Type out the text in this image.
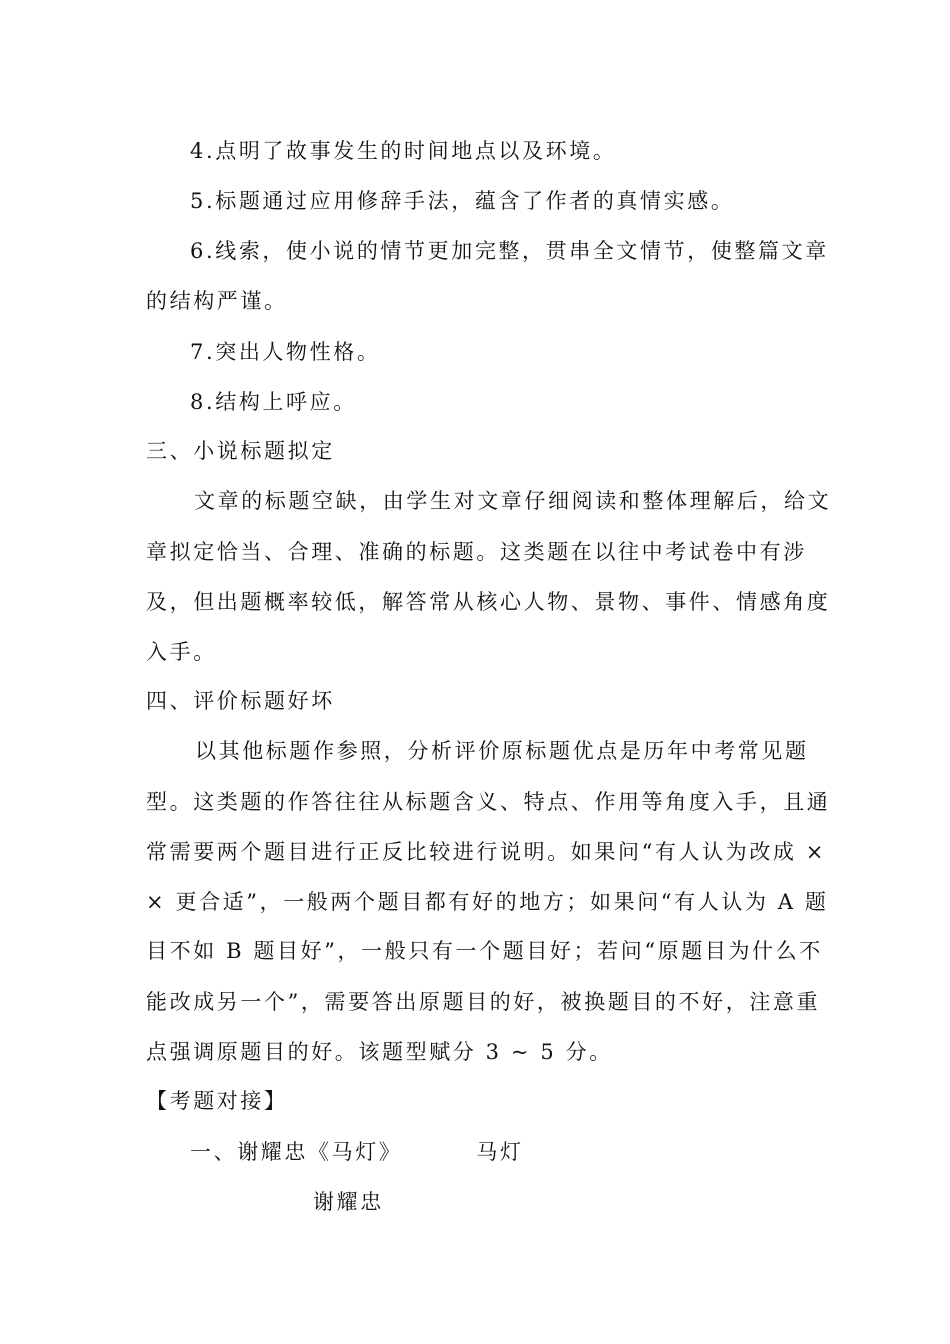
4.点明了故事发生的时间地点以及环境。
5.标题通过应用修辞手法，蕴含了作者的真情实感。
6.线索，使小说的情节更加完整，贯串全文情节，使整篇文章
的结构严谨。
7.突出人物性格。
8.结构上呼应。
三、小说标题拟定
文章的标题空缺，由学生对文章仔细阅读和整体理解后，给文
章拟定恰当、合理、准确的标题。这类题在以往中考试卷中有涉
及，但出题概率较低，解答常从核心人物、景物、事件、情感角度
入手。
四、评价标题好坏
以其他标题作参照，分析评价原标题优点是历年中考常见题
型。这类题的作答往往从标题含义、特点、作用等角度入手，且通
常需要两个题目进行正反比较进行说明。如果问“有人认为改成 ×
× 更合适”，一般两个题目都有好的地方；如果问“有人认为 A 题
目不如 B 题目好”，一般只有一个题目好；若问“原题目为什么不
能改成另一个”，需要答出原题目的好，被换题目的不好，注意重
点强调原题目的好。该题型赋分 3 ~ 5 分。
【考题对接】
一、谢耀忠《马灯》	马灯
谢耀忠
